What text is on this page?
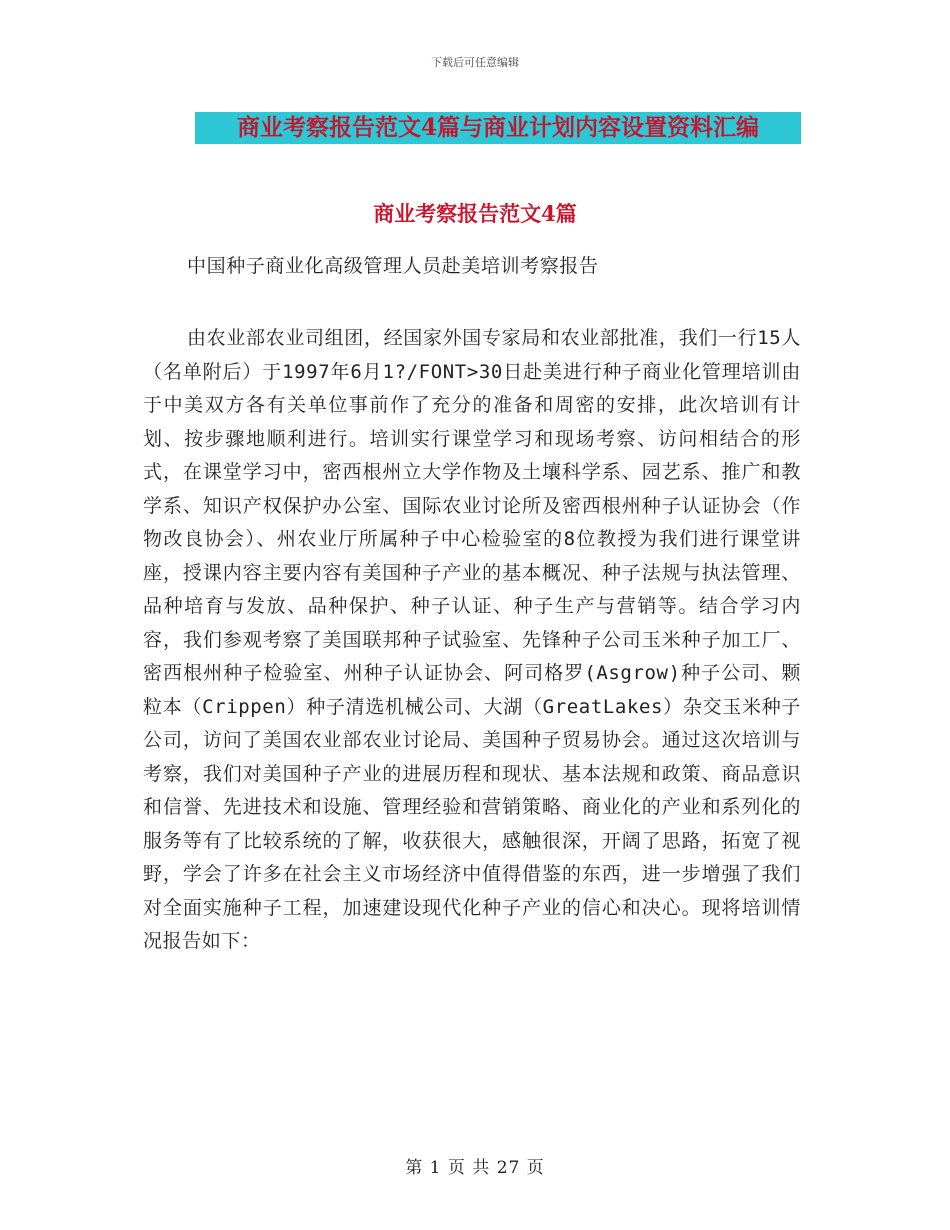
下载后可任意编辑
商业考察报告范文4篇与商业计划内容设置资料汇编
商业考察报告范文4篇
中国种子商业化高级管理人员赴美培训考察报告

由农业部农业司组团，经国家外国专家局和农业部批准，我们一行15人（名单附后）于1997年6月1?/FONT>30日赴美进行种子商业化管理培训由于中美双方各有关单位事前作了充分的准备和周密的安排，此次培训有计划、按步骤地顺利进行。培训实行课堂学习和现场考察、访问相结合的形式，在课堂学习中，密西根州立大学作物及土壤科学系、园艺系、推广和教学系、知识产权保护办公室、国际农业讨论所及密西根州种子认证协会（作物改良协会）、州农业厅所属种子中心检验室的8位教授为我们进行课堂讲座，授课内容主要内容有美国种子产业的基本概况、种子法规与执法管理、品种培育与发放、品种保护、种子认证、种子生产与营销等。结合学习内容，我们参观考察了美国联邦种子试验室、先锋种子公司玉米种子加工厂、密西根州种子检验室、州种子认证协会、阿司格罗(Asgrow)种子公司、颗粒本（Crippen）种子清选机械公司、大湖（GreatLakes）杂交玉米种子公司，访问了美国农业部农业讨论局、美国种子贸易协会。通过这次培训与考察，我们对美国种子产业的进展历程和现状、基本法规和政策、商品意识和信誉、先进技术和设施、管理经验和营销策略、商业化的产业和系列化的服务等有了比较系统的了解，收获很大，感触很深，开阔了思路，拓宽了视野，学会了许多在社会主义市场经济中值得借鉴的东西，进一步增强了我们对全面实施种子工程，加速建设现代化种子产业的信心和决心。现将培训情况报告如下：

第 1 页 共 27 页
